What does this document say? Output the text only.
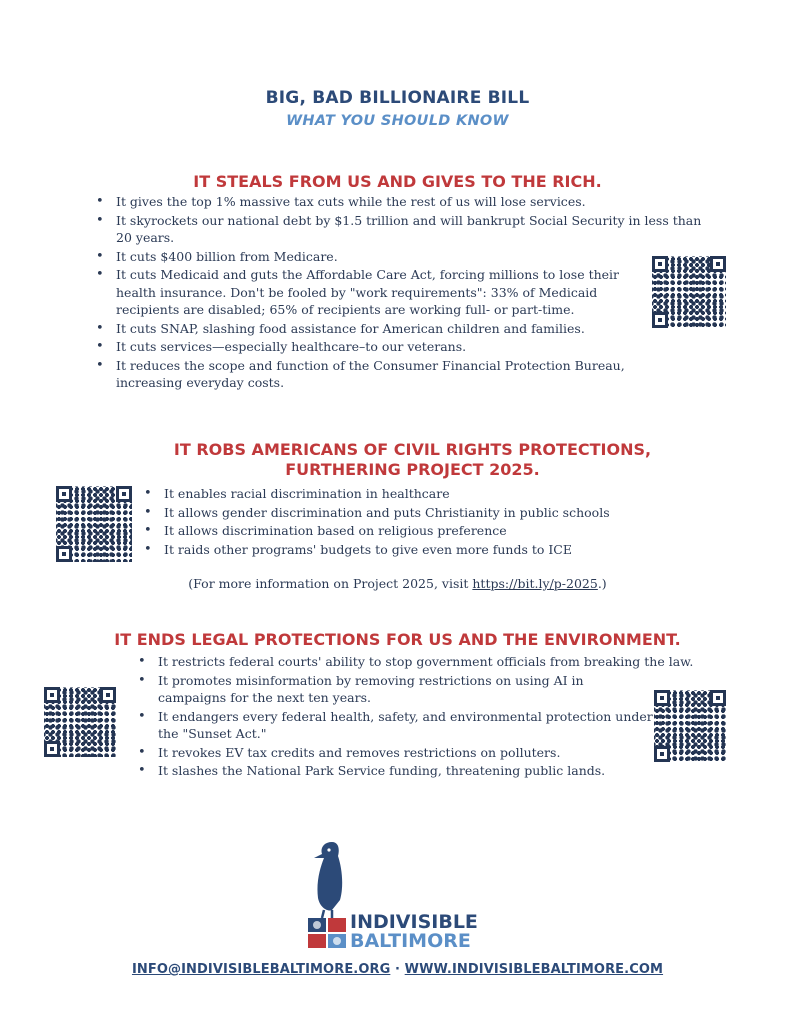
BIG, BAD BILLIONAIRE BILL
WHAT YOU SHOULD KNOW
IT STEALS FROM US AND GIVES TO THE RICH.
• It gives the top 1% massive tax cuts while the rest of us will lose services.
• It skyrockets our national debt by $1.5 trillion and will bankrupt Social Security in less than 20 years.
• It cuts $400 billion from Medicare.
• It cuts Medicaid and guts the Affordable Care Act, forcing millions to lose their health insurance. Don't be fooled by "work requirements": 33% of Medicaid recipients are disabled; 65% of recipients are working full- or part-time.
• It cuts SNAP, slashing food assistance for American children and families.
• It cuts services—especially healthcare–to our veterans.
• It reduces the scope and function of the Consumer Financial Protection Bureau, increasing everyday costs.
IT ROBS AMERICANS OF CIVIL RIGHTS PROTECTIONS,
FURTHERING PROJECT 2025.
• It enables racial discrimination in healthcare
• It allows gender discrimination and puts Christianity in public schools
• It allows discrimination based on religious preference
• It raids other programs' budgets to give even more funds to ICE
(For more information on Project 2025, visit https://bit.ly/p-2025.)
IT ENDS LEGAL PROTECTIONS FOR US AND THE ENVIRONMENT.
• It restricts federal courts' ability to stop government officials from breaking the law.
• It promotes misinformation by removing restrictions on using AI in campaigns for the next ten years.
• It endangers every federal health, safety, and environmental protection under the "Sunset Act."
• It revokes EV tax credits and removes restrictions on polluters.
• It slashes the National Park Service funding, threatening public lands.
INDIVISIBLE
BALTIMORE
INFO@INDIVISIBLEBALTIMORE.ORG · WWW.INDIVISIBLEBALTIMORE.COM
